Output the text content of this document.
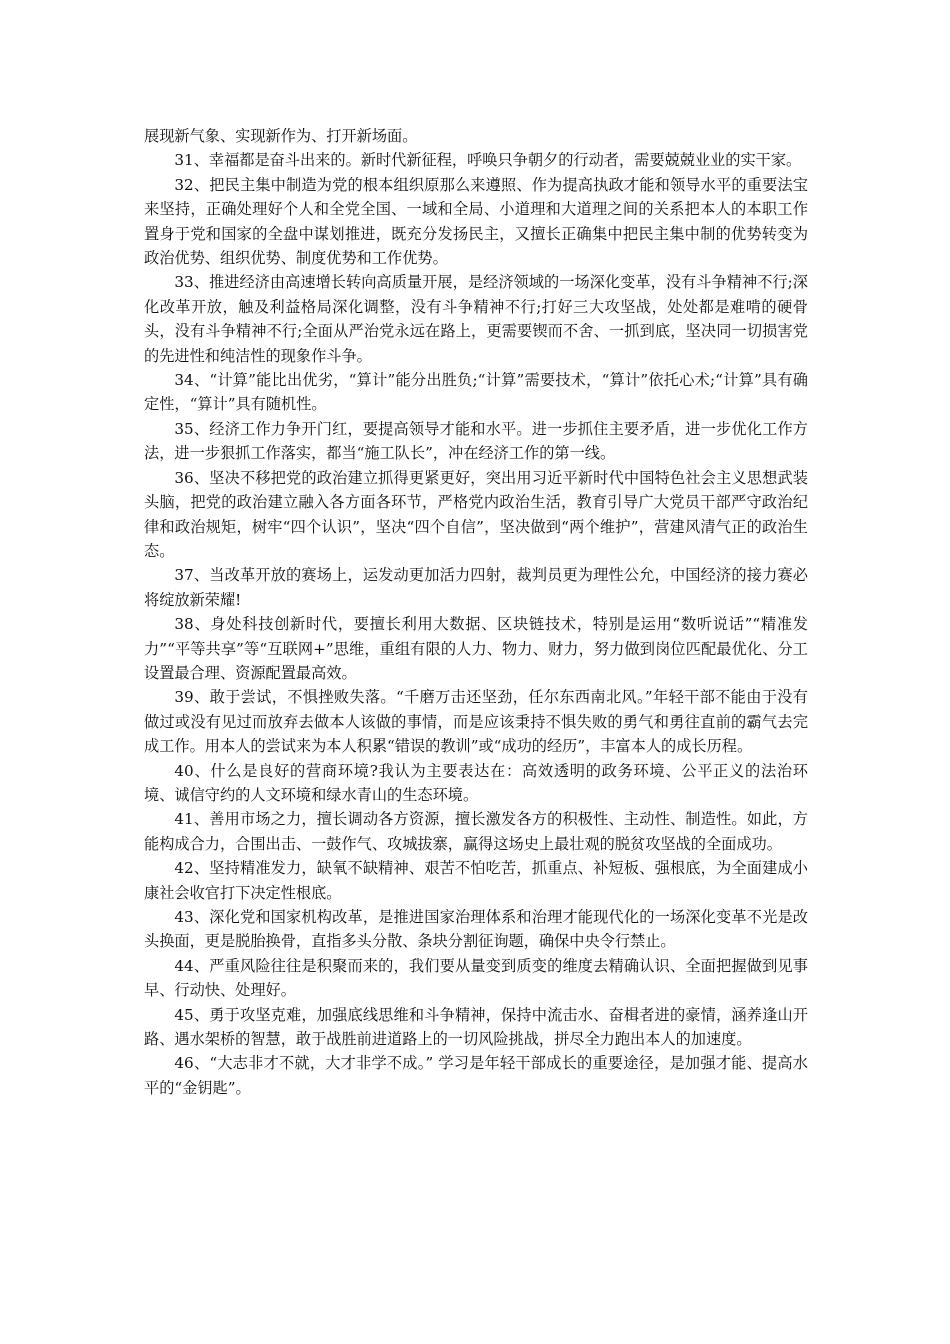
展现新气象、实现新作为、打开新场面。

31、幸福都是奋斗出来的。新时代新征程，呼唤只争朝夕的行动者，需要兢兢业业的实干家。

32、把民主集中制造为党的根本组织原那么来遵照、作为提高执政才能和领导水平的重要法宝来坚持，正确处理好个人和全党全国、一域和全局、小道理和大道理之间的关系把本人的本职工作置身于党和国家的全盘中谋划推进，既充分发扬民主，又擅长正确集中把民主集中制的优势转变为政治优势、组织优势、制度优势和工作优势。

33、推进经济由高速增长转向高质量开展，是经济领域的一场深化变革，没有斗争精神不行;深化改革开放，触及利益格局深化调整，没有斗争精神不行;打好三大攻坚战，处处都是难啃的硬骨头，没有斗争精神不行;全面从严治党永远在路上，更需要锲而不舍、一抓到底，坚决同一切损害党的先进性和纯洁性的现象作斗争。

34、“计算”能比出优劣，“算计”能分出胜负;“计算”需要技术，“算计”依托心术;“计算”具有确定性，“算计”具有随机性。

35、经济工作力争开门红，要提高领导才能和水平。进一步抓住主要矛盾，进一步优化工作方法，进一步狠抓工作落实，都当“施工队长”，冲在经济工作的第一线。

36、坚决不移把党的政治建立抓得更紧更好，突出用习近平新时代中国特色社会主义思想武装头脑，把党的政治建立融入各方面各环节，严格党内政治生活，教育引导广大党员干部严守政治纪律和政治规矩，树牢“四个认识”，坚决“四个自信”，坚决做到“两个维护”，营建风清气正的政治生态。

37、当改革开放的赛场上，运发动更加活力四射，裁判员更为理性公允，中国经济的接力赛必将绽放新荣耀!

38、身处科技创新时代，要擅长利用大数据、区块链技术，特别是运用“数听说话”“精准发力”“平等共享”等“互联网+”思维，重组有限的人力、物力、财力，努力做到岗位匹配最优化、分工设置最合理、资源配置最高效。

39、敢于尝试，不惧挫败失落。“千磨万击还坚劲，任尔东西南北风。”年轻干部不能由于没有做过或没有见过而放弃去做本人该做的事情，而是应该秉持不惧失败的勇气和勇往直前的霸气去完成工作。用本人的尝试来为本人积累“错误的教训”或“成功的经历”，丰富本人的成长历程。

40、什么是良好的营商环境?我认为主要表达在：高效透明的政务环境、公平正义的法治环境、诚信守约的人文环境和绿水青山的生态环境。

41、善用市场之力，擅长调动各方资源，擅长激发各方的积极性、主动性、制造性。如此，方能构成合力，合围出击、一鼓作气、攻城拔寨，赢得这场史上最壮观的脱贫攻坚战的全面成功。

42、坚持精准发力，缺氧不缺精神、艰苦不怕吃苦，抓重点、补短板、强根底，为全面建成小康社会收官打下决定性根底。

43、深化党和国家机构改革，是推进国家治理体系和治理才能现代化的一场深化变革不光是改头换面，更是脱胎换骨，直指多头分散、条块分割征询题，确保中央令行禁止。

44、严重风险往往是积聚而来的，我们要从量变到质变的维度去精确认识、全面把握做到见事早、行动快、处理好。

45、勇于攻坚克难，加强底线思维和斗争精神，保持中流击水、奋楫者进的豪情，涵养逢山开路、遇水架桥的智慧，敢于战胜前进道路上的一切风险挑战，拼尽全力跑出本人的加速度。

46、“大志非才不就，大才非学不成。” 学习是年轻干部成长的重要途径，是加强才能、提高水平的“金钥匙”。
